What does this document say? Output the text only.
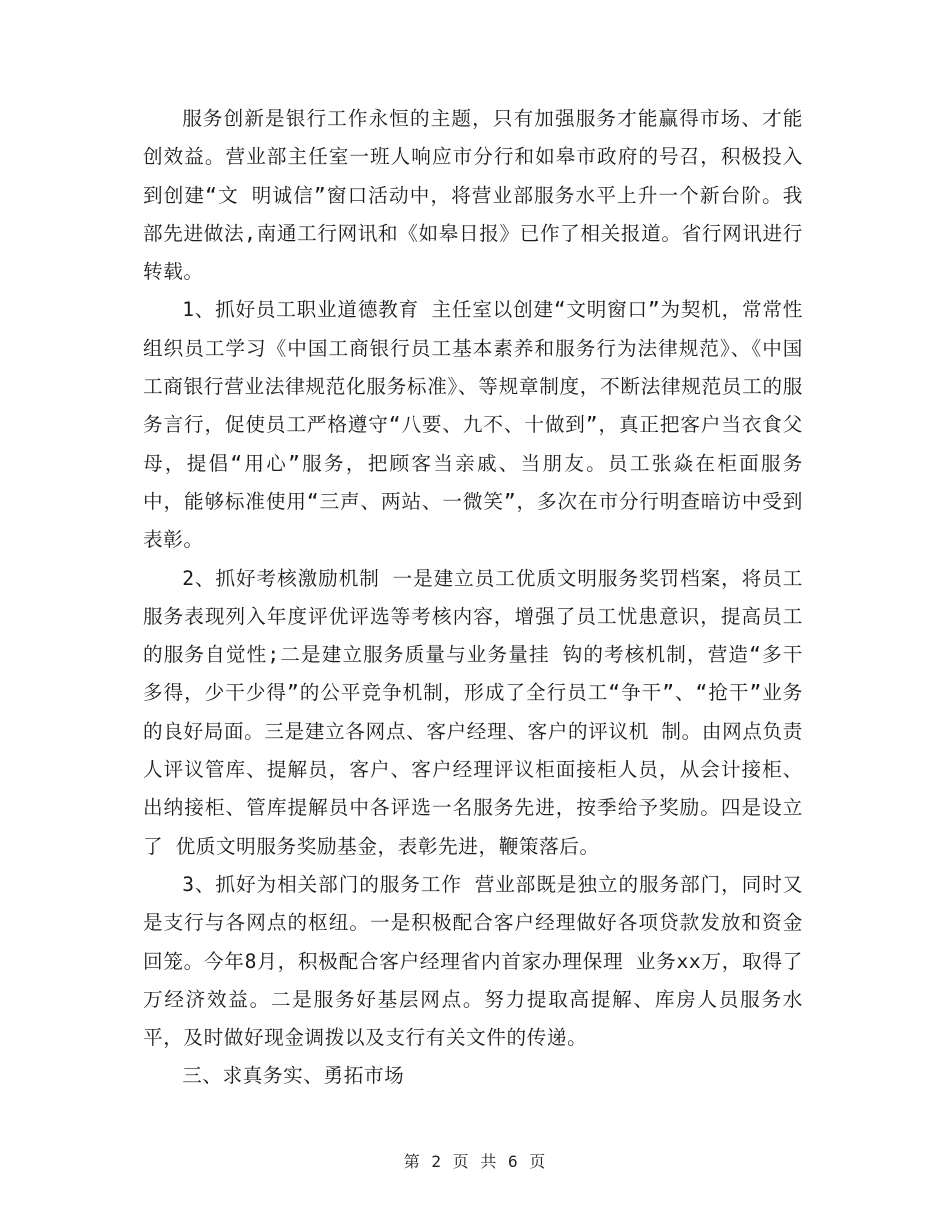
服务创新是银行工作永恒的主题，只有加强服务才能赢得市场、才能创效益。营业部主任室一班人响应市分行和如皋市政府的号召，积极投入到创建“文 明诚信”窗口活动中，将营业部服务水平上升一个新台阶。我部先进做法,南通工行网讯和《如皋日报》已作了相关报道。省行网讯进行转载。

1、抓好员工职业道德教育 主任室以创建“文明窗口”为契机，常常性组织员工学习《中国工商银行员工基本素养和服务行为法律规范》、《中国工商银行营业法律规范化服务标准》、等规章制度，不断法律规范员工的服务言行，促使员工严格遵守“八要、九不、十做到”，真正把客户当衣食父母，提倡“用心”服务，把顾客当亲戚、当朋友。员工张焱在柜面服务 中，能够标准使用“三声、两站、一微笑”，多次在市分行明查暗访中受到表彰。

2、抓好考核激励机制 一是建立员工优质文明服务奖罚档案，将员工服务表现列入年度评优评选等考核内容，增强了员工忧患意识，提高员工的服务自觉性;二是建立服务质量与业务量挂 钩的考核机制，营造“多干多得，少干少得”的公平竞争机制，形成了全行员工“争干”、“抢干”业务的良好局面。三是建立各网点、客户经理、客户的评议机 制。由网点负责人评议管库、提解员，客户、客户经理评议柜面接柜人员，从会计接柜、出纳接柜、管库提解员中各评选一名服务先进，按季给予奖励。四是设立了 优质文明服务奖励基金，表彰先进，鞭策落后。

3、抓好为相关部门的服务工作 营业部既是独立的服务部门，同时又是支行与各网点的枢纽。一是积极配合客户经理做好各项贷款发放和资金回笼。今年8月，积极配合客户经理省内首家办理保理 业务xx万，取得了 万经济效益。二是服务好基层网点。努力提取高提解、库房人员服务水平，及时做好现金调拨以及支行有关文件的传递。

三、求真务实、勇拓市场

第 2 页 共 6 页
